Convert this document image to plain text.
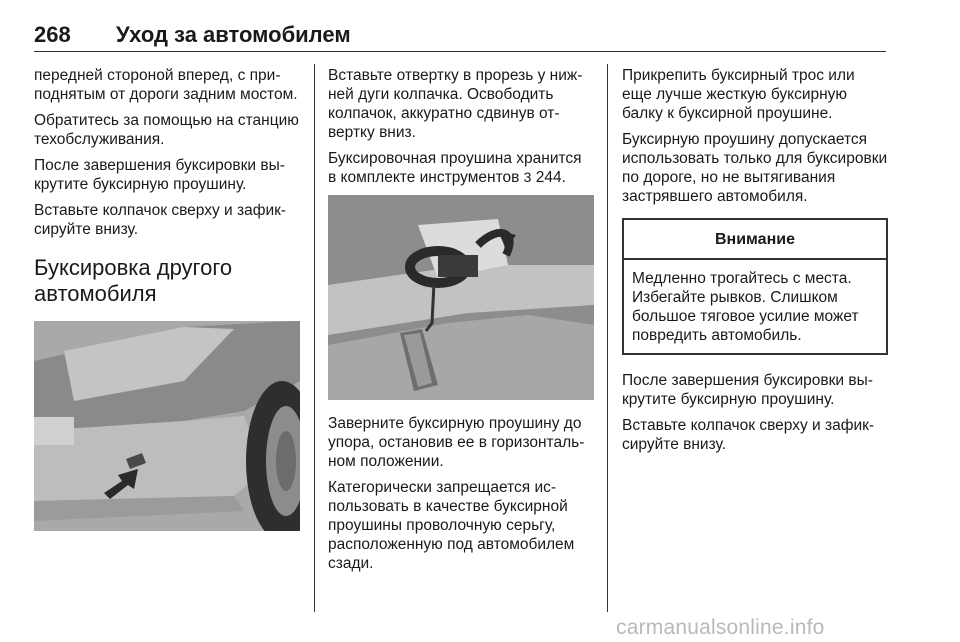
268 Уход за автомобилем

передней стороной вперед, с приподнятым от дороги задним мостом.

Обратитесь за помощью на станцию техобслуживания.

После завершения буксировки выкрутите буксирную проушину.

Вставьте колпачок сверху и зафиксируйте внизу.

Буксировка другого автомобиля

Вставьте отвертку в прорезь у нижней дуги колпачка. Освободить колпачок, аккуратно сдвинув отвертку вниз.

Буксировочная проушина хранится в комплекте инструментов 3 244.

Заверните буксирную проушину до упора, остановив ее в горизонтальном положении.

Категорически запрещается использовать в качестве буксирной проушины проволочную серьгу, расположенную под автомобилем сзади.

Прикрепить буксирный трос или еще лучше жесткую буксирную балку к буксирной проушине.

Буксирную проушину допускается использовать только для буксировки по дороге, но не вытягивания застрявшего автомобиля.

Внимание
Медленно трогайтесь с места. Избегайте рывков. Слишком большое тяговое усилие может повредить автомобиль.

После завершения буксировки выкрутите буксирную проушину.

Вставьте колпачок сверху и зафиксируйте внизу.

carmanualsonline.info
